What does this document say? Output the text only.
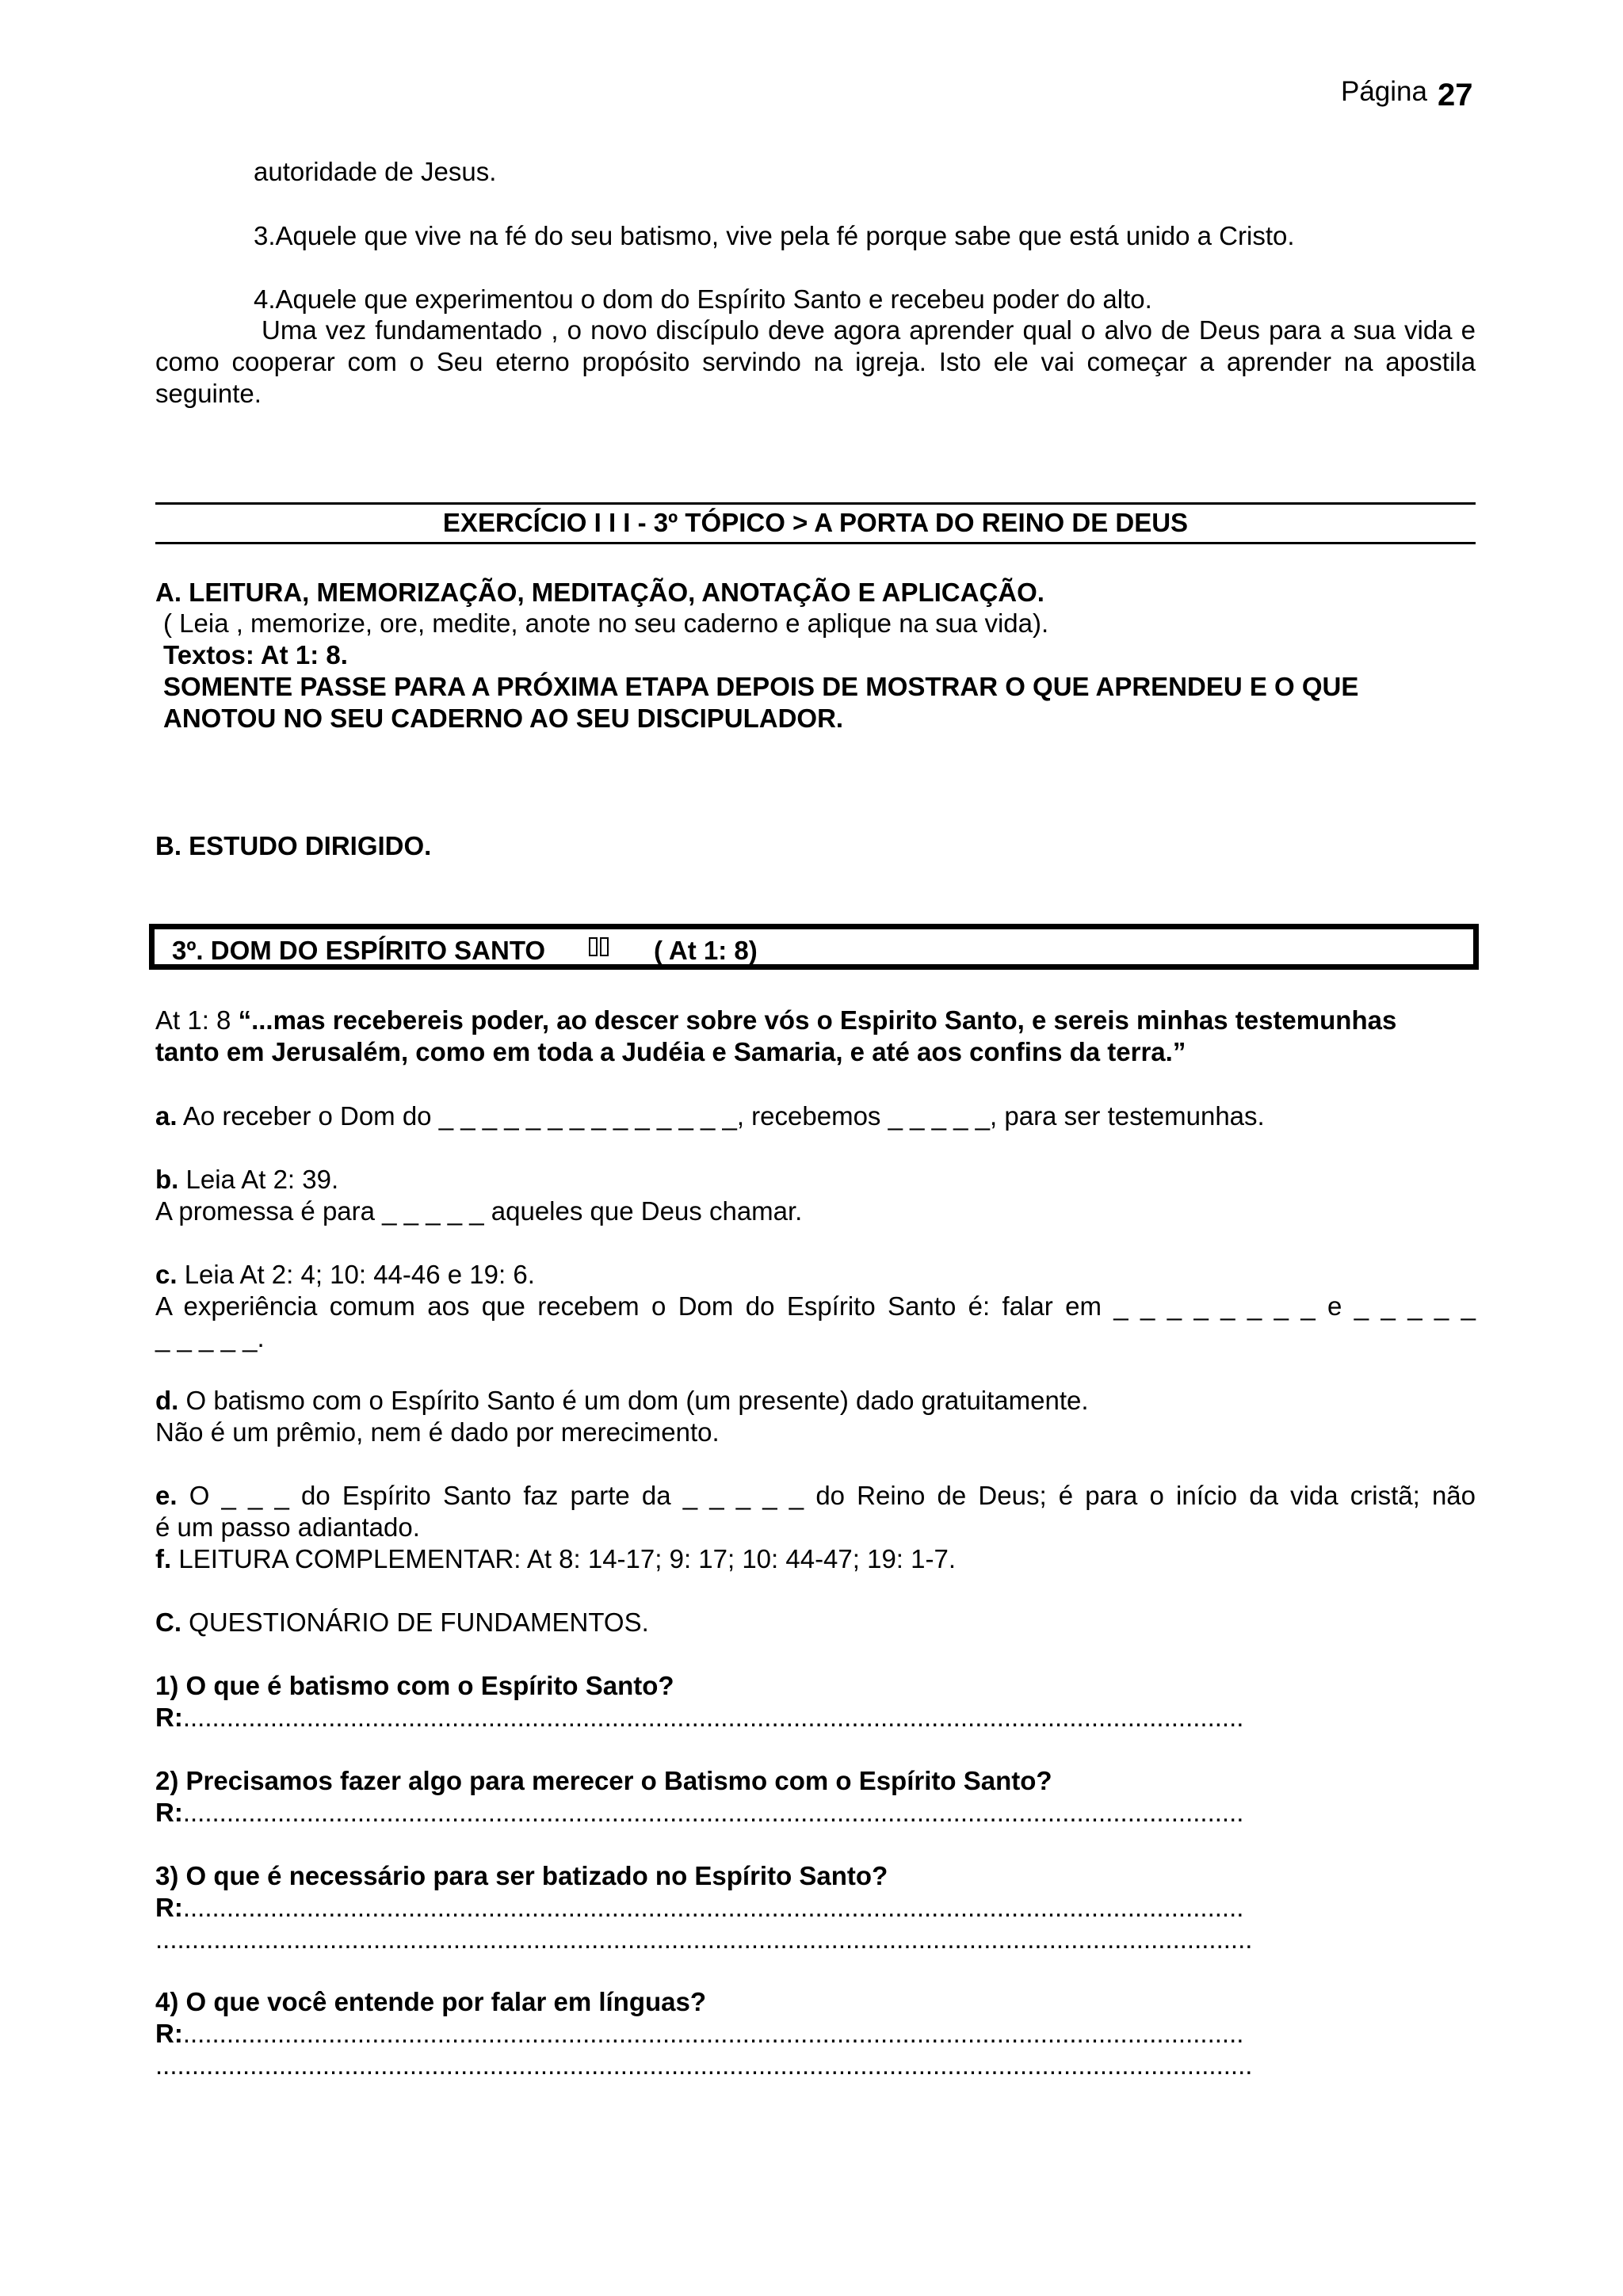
Página 27
autoridade de Jesus.
3.Aquele que vive na fé do seu batismo, vive pela fé porque sabe que está unido a Cristo.
4.Aquele que experimentou o dom do Espírito Santo e recebeu poder do alto.
Uma vez fundamentado , o novo discípulo deve agora aprender qual o alvo de Deus para a sua vida e
como cooperar com o Seu eterno propósito servindo na igreja. Isto ele vai começar a aprender na apostila
seguinte.
EXERCÍCIO I I I - 3º TÓPICO > A PORTA DO REINO DE DEUS
A. LEITURA, MEMORIZAÇÃO, MEDITAÇÃO, ANOTAÇÃO E APLICAÇÃO.
( Leia , memorize, ore, medite, anote no seu caderno e aplique na sua vida).
Textos: At 1: 8.
SOMENTE PASSE PARA A PRÓXIMA ETAPA DEPOIS DE MOSTRAR O QUE APRENDEU E O QUE
ANOTOU NO SEU CADERNO AO SEU DISCIPULADOR.
B. ESTUDO DIRIGIDO.
3º. DOM DO ESPÍRITO SANTO	( At 1: 8)
At 1: 8 “...mas recebereis poder, ao descer sobre vós o Espirito Santo, e sereis minhas testemunhas
tanto em Jerusalém, como em toda a Judéia e Samaria, e até aos confins da terra.”
a. Ao receber o Dom do _ _ _ _ _ _ _ _ _ _ _ _ _ _, recebemos _ _ _ _ _, para ser testemunhas.
b. Leia At 2: 39.
A promessa é para _ _ _ _ _ aqueles que Deus chamar.
c. Leia At 2: 4; 10: 44-46 e 19: 6.
A experiência comum aos que recebem o Dom do Espírito Santo é: falar em _ _ _ _ _ _ _ _ e _ _ _ _ _
_ _ _ _ _.
d. O batismo com o Espírito Santo é um dom (um presente) dado gratuitamente.
Não é um prêmio, nem é dado por merecimento.
e. O _ _ _ do Espírito Santo faz parte da _ _ _ _ _ do Reino de Deus; é para o início da vida cristã; não
é um passo adiantado.
f. LEITURA COMPLEMENTAR: At 8: 14-17; 9: 17; 10: 44-47; 19: 1-7.
C. QUESTIONÁRIO DE FUNDAMENTOS.
1) O que é batismo com o Espírito Santo?
R:..................................................................................................................................................
2) Precisamos fazer algo para merecer o Batismo com o Espírito Santo?
R:..................................................................................................................................................
3) O que é necessário para ser batizado no Espírito Santo?
R:..................................................................................................................................................
.......................................................................................................................................................
4) O que você entende por falar em línguas?
R:..................................................................................................................................................
.......................................................................................................................................................
